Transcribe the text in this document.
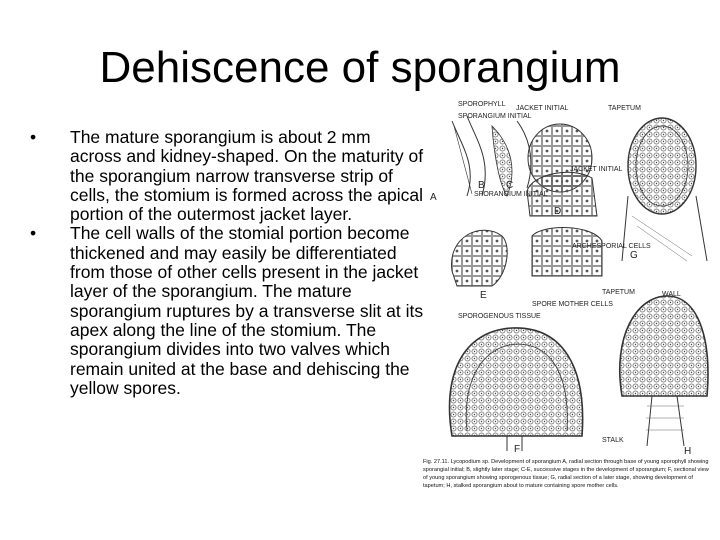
Dehiscence of sporangium
•	The mature sporangium is about 2 mm across and kidney-shaped. On the maturity of the sporangium narrow transverse strip of cells, the stomium is formed across the apical portion of the outermost jacket layer.
•	The cell walls of the stomial portion become thickened and may easily be differentiated from those of other cells present in the jacket layer of the sporangium. The mature sporangium ruptures by a transverse slit at its apex along the line of the stomium. The sporangium divides into two valves which remain united at the base and dehiscing the yellow spores.
SPOROPHYLL
SPORANGIUM INITIAL
JACKET INITIAL	TAPETUM
JACKET INITIAL
SPORANGIUM INITIAL
ARCHESPORIAL CELLS
SPORE MOTHER CELLS
SPOROGENOUS TISSUE
TAPETUM	WALL
STALK
A
B C
D
E
F
G
H
Fig. 27.11. Lycopodium sp. Development of sporangium A, radial section through base of young sporophyll showing sporangial initial; B, slightly later stage; C-E, successive stages in the development of sporangium; F, sectional view of young sporangium showing sporogenous tissue; G, radial section of a later stage, showing development of tapetum; H, stalked sporangium about to mature containing spore mother cells.
